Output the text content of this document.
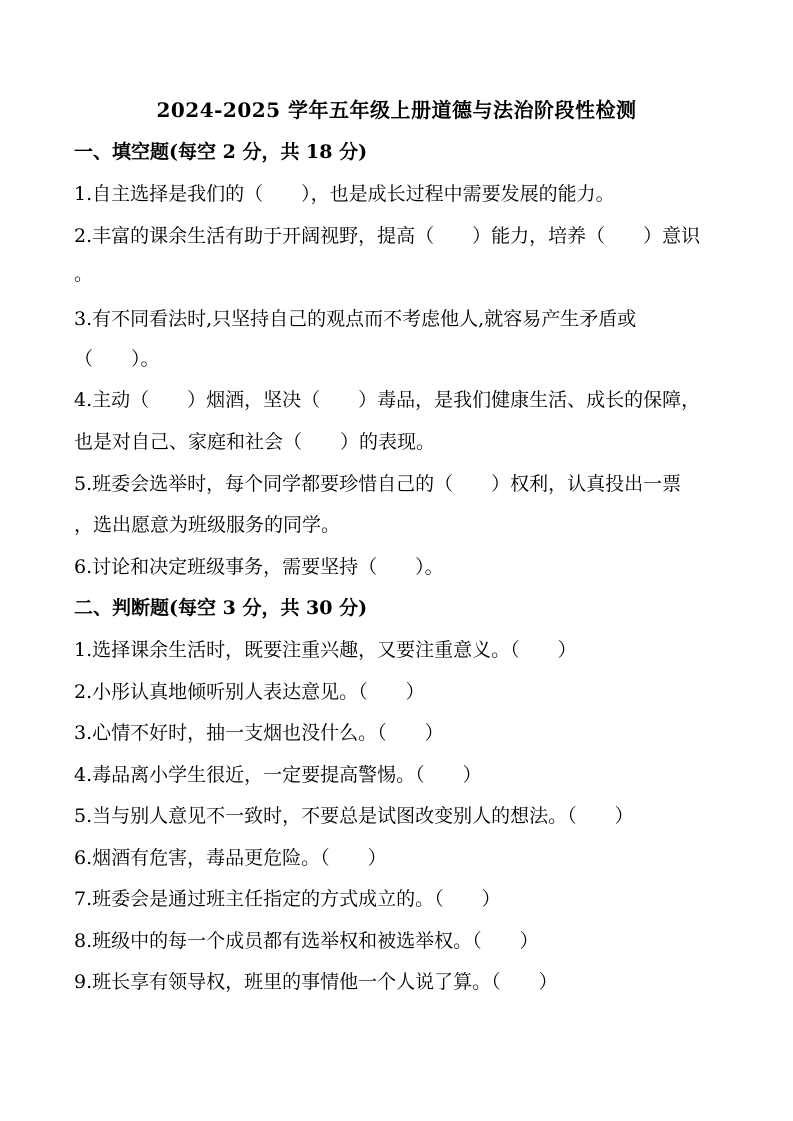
2024-2025 学年五年级上册道德与法治阶段性检测
一、填空题(每空 2 分，共 18 分)
1.自主选择是我们的（　　），也是成长过程中需要发展的能力。
2.丰富的课余生活有助于开阔视野，提高（　　）能力，培养（　　）意识
。
3.有不同看法时,只坚持自己的观点而不考虑他人,就容易产生矛盾或
（　　）。
4.主动（　　）烟酒，坚决（　　）毒品，是我们健康生活、成长的保障，
也是对自己、家庭和社会（　　）的表现。
5.班委会选举时，每个同学都要珍惜自己的（　　）权利，认真投出一票
，选出愿意为班级服务的同学。
6.讨论和决定班级事务，需要坚持（　　）。
二、判断题(每空 3 分，共 30 分)
1.选择课余生活时，既要注重兴趣，又要注重意义。（　　）
2.小彤认真地倾听别人表达意见。（　　）
3.心情不好时，抽一支烟也没什么。（　　）
4.毒品离小学生很近，一定要提高警惕。（　　）
5.当与别人意见不一致时，不要总是试图改变别人的想法。（　　）
6.烟酒有危害，毒品更危险。（　　）
7.班委会是通过班主任指定的方式成立的。（　　）
8.班级中的每一个成员都有选举权和被选举权。（　　）
9.班长享有领导权，班里的事情他一个人说了算。（　　）
